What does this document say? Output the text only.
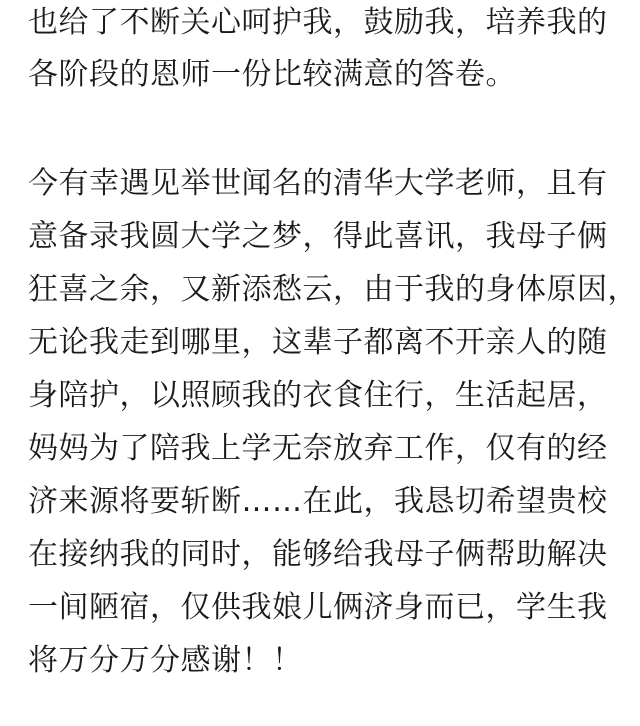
也给了不断关心呵护我，鼓励我，培养我的
各阶段的恩师一份比较满意的答卷。
今有幸遇见举世闻名的清华大学老师，且有
意备录我圆大学之梦，得此喜讯，我母子俩
狂喜之余，又新添愁云，由于我的身体原因，
无论我走到哪里，这辈子都离不开亲人的随
身陪护，以照顾我的衣食住行，生活起居，
妈妈为了陪我上学无奈放弃工作，仅有的经
济来源将要斩断……在此，我恳切希望贵校
在接纳我的同时，能够给我母子俩帮助解决
一间陋宿，仅供我娘儿俩济身而已，学生我
将万分万分感谢！！
